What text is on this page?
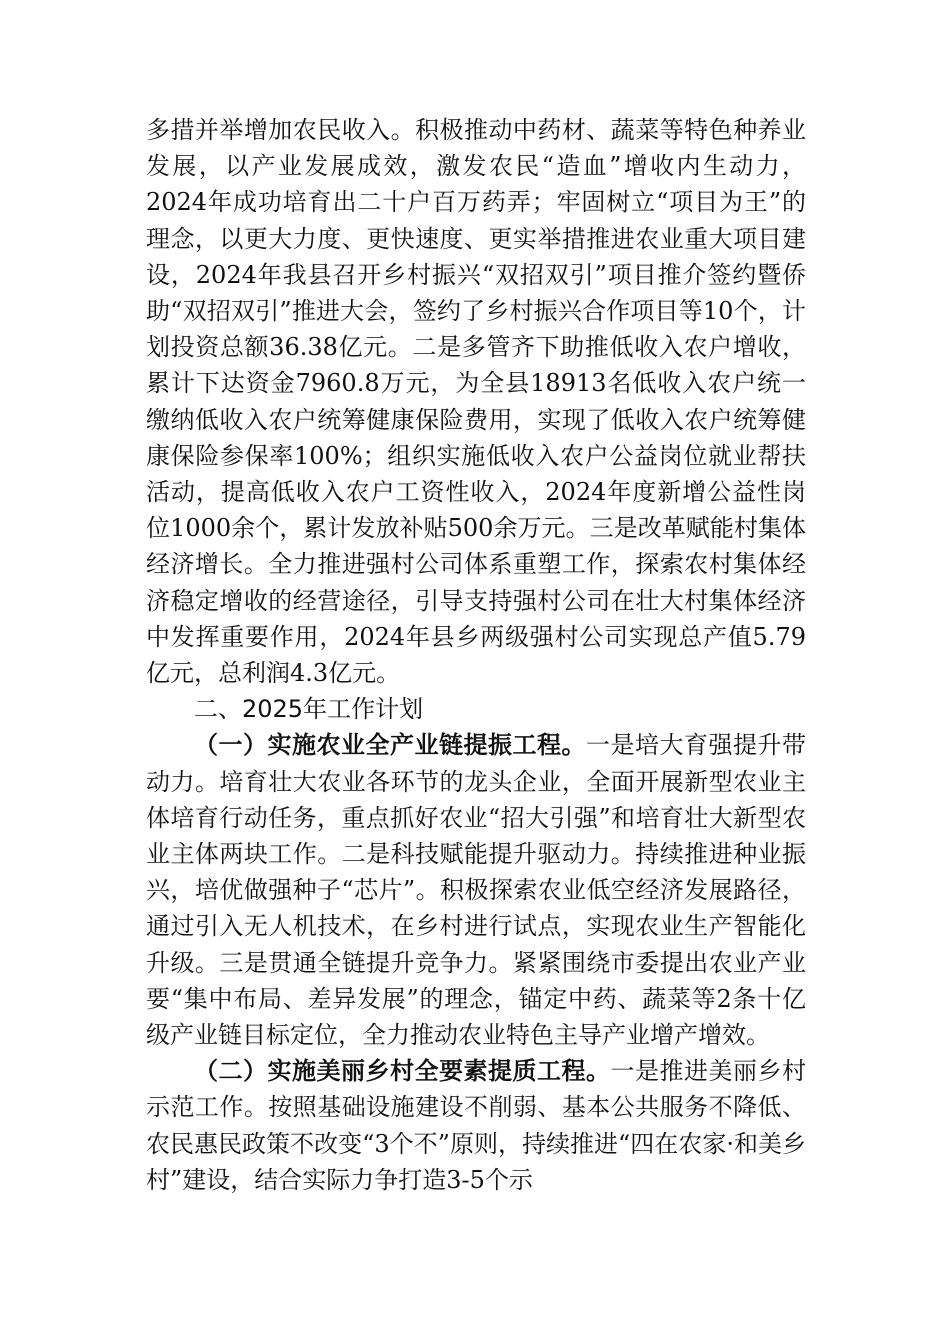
多措并举增加农民收入。积极推动中药材、蔬菜等特色种养业发展，以产业发展成效，激发农民“造血”增收内生动力，2024年成功培育出二十户百万药弄；牢固树立“项目为王”的理念，以更大力度、更快速度、更实举措推进农业重大项目建设，2024年我县召开乡村振兴“双招双引”项目推介签约暨侨助“双招双引”推进大会，签约了乡村振兴合作项目等10个，计划投资总额36.38亿元。二是多管齐下助推低收入农户增收，累计下达资金7960.8万元，为全县18913名低收入农户统一缴纳低收入农户统筹健康保险费用，实现了低收入农户统筹健康保险参保率100%；组织实施低收入农户公益岗位就业帮扶活动，提高低收入农户工资性收入，2024年度新增公益性岗位1000余个，累计发放补贴500余万元。三是改革赋能村集体经济增长。全力推进强村公司体系重塑工作，探索农村集体经济稳定增收的经营途径，引导支持强村公司在壮大村集体经济中发挥重要作用，2024年县乡两级强村公司实现总产值5.79亿元，总利润4.3亿元。

二、2025年工作计划

（一）实施农业全产业链提振工程。一是培大育强提升带动力。培育壮大农业各环节的龙头企业，全面开展新型农业主体培育行动任务，重点抓好农业“招大引强”和培育壮大新型农业主体两块工作。二是科技赋能提升驱动力。持续推进种业振兴，培优做强种子“芯片”。积极探索农业低空经济发展路径，通过引入无人机技术，在乡村进行试点，实现农业生产智能化升级。三是贯通全链提升竞争力。紧紧围绕市委提出农业产业要“集中布局、差异发展”的理念，锚定中药、蔬菜等2条十亿级产业链目标定位，全力推动农业特色主导产业增产增效。

（二）实施美丽乡村全要素提质工程。一是推进美丽乡村示范工作。按照基础设施建设不削弱、基本公共服务不降低、农民惠民政策不改变“3个不”原则，持续推进“四在农家·和美乡村”建设，结合实际力争打造3-5个示
